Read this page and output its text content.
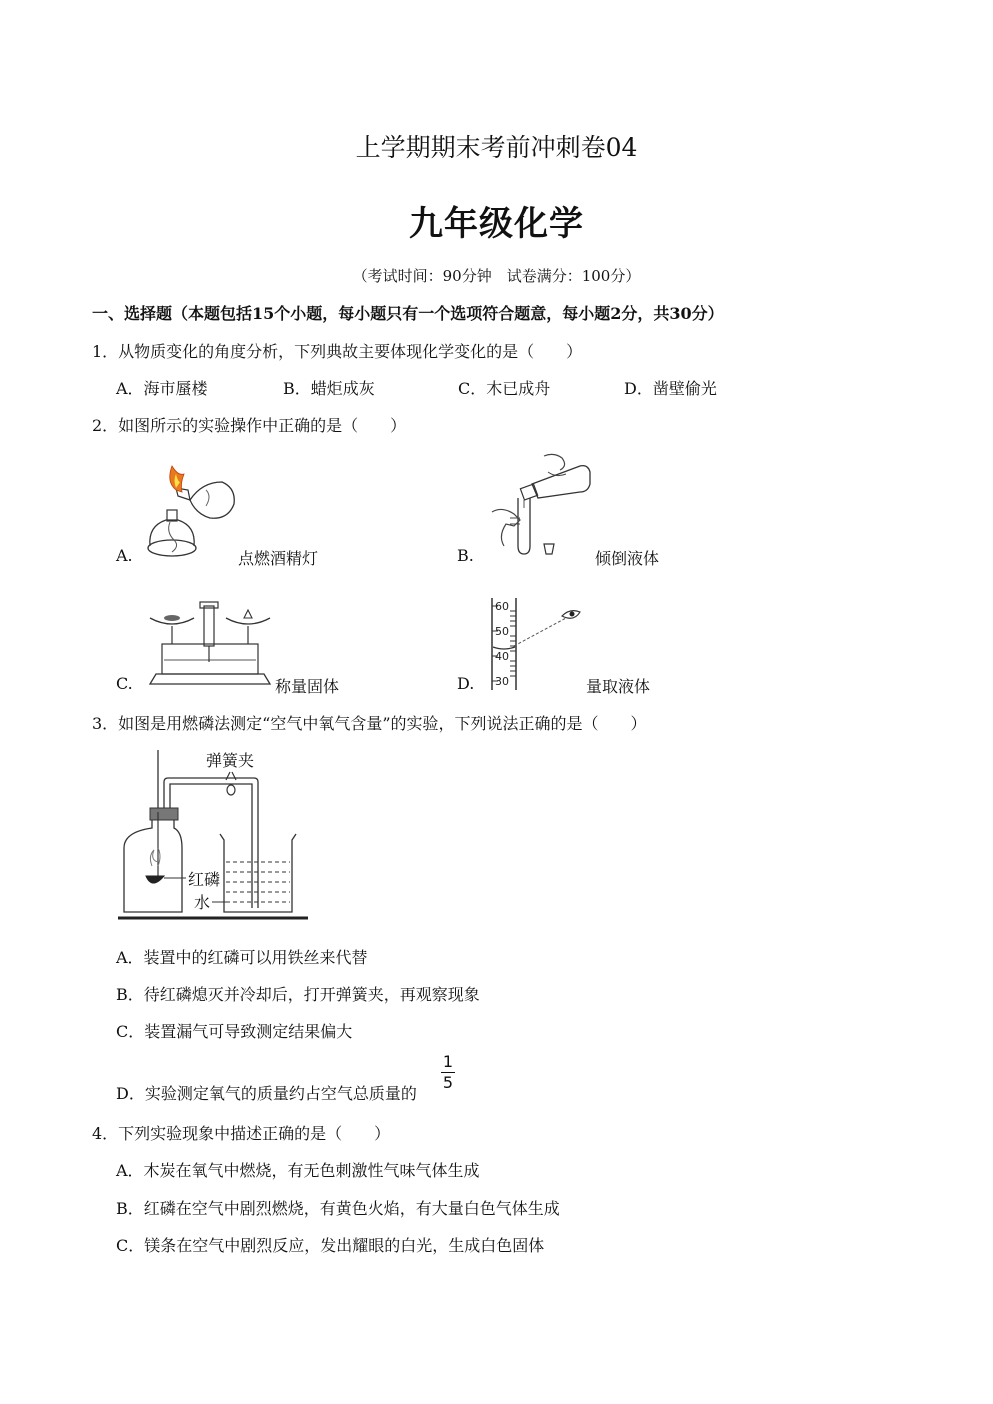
上学期期末考前冲刺卷04
九年级化学
（考试时间：90分钟　试卷满分：100分）
一、选择题（本题包括15个小题，每小题只有一个选项符合题意，每小题2分，共30分）
1．从物质变化的角度分析，下列典故主要体现化学变化的是（　　）
A．海市蜃楼	B．蜡炬成灰	C．木已成舟	D．凿壁偷光
2．如图所示的实验操作中正确的是（　　）
A.	点燃酒精灯	B.	倾倒液体
C.	称量固体	D.
60
50
40
30	量取液体
3．如图是用燃磷法测定“空气中氧气含量”的实验，下列说法正确的是（　　）
弹簧夹
红磷
水
A．装置中的红磷可以用铁丝来代替
B．待红磷熄灭并冷却后，打开弹簧夹，再观察现象
C．装置漏气可导致测定结果偏大
D．实验测定氧气的质量约占空气总质量的
1
5
4．下列实验现象中描述正确的是（　　）
A．木炭在氧气中燃烧，有无色刺激性气味气体生成
B．红磷在空气中剧烈燃烧，有黄色火焰，有大量白色气体生成
C．镁条在空气中剧烈反应，发出耀眼的白光，生成白色固体
